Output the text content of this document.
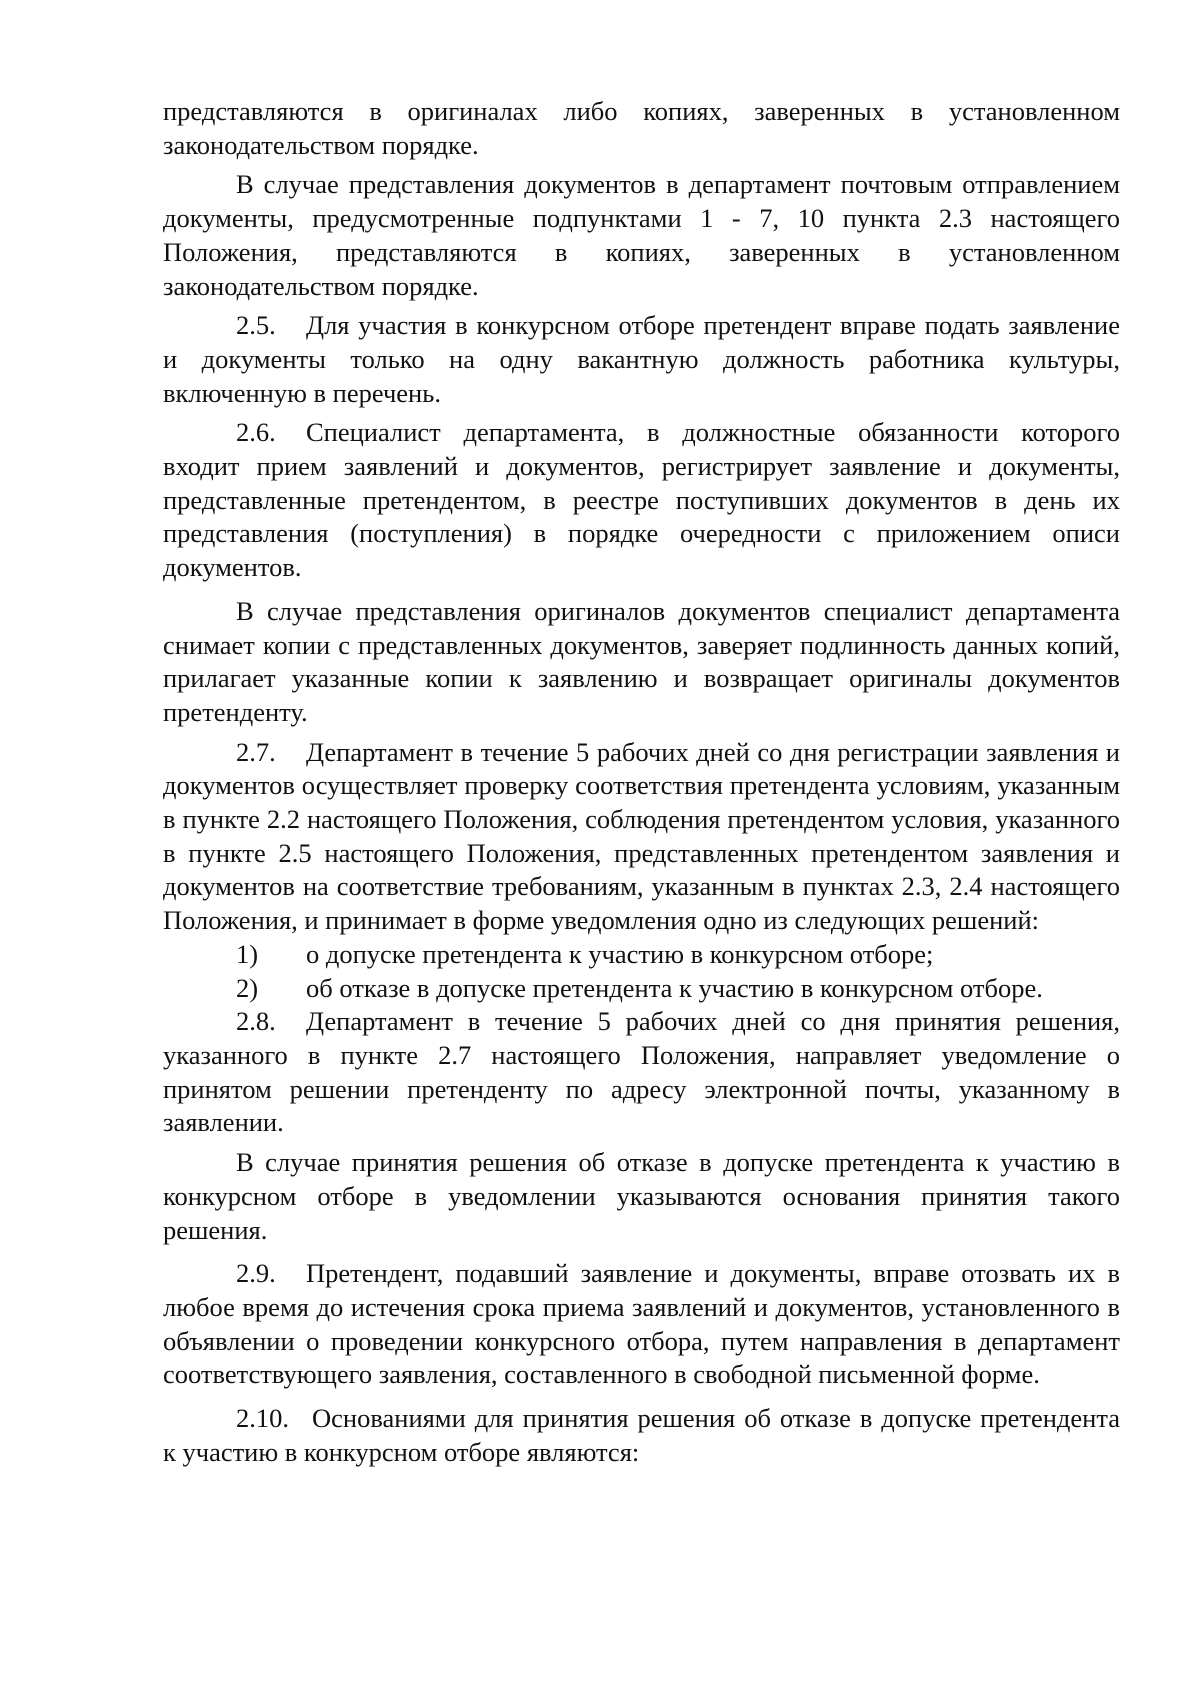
представляются в оригиналах либо копиях, заверенных в установленном законодательством порядке.

В случае представления документов в департамент почтовым отправлением документы, предусмотренные подпунктами 1 - 7, 10 пункта 2.3 настоящего Положения, представляются в копиях, заверенных в установленном законодательством порядке.

2.5. Для участия в конкурсном отборе претендент вправе подать заявление и документы только на одну вакантную должность работника культуры, включенную в перечень.

2.6. Специалист департамента, в должностные обязанности которого входит прием заявлений и документов, регистрирует заявление и документы, представленные претендентом, в реестре поступивших документов в день их представления (поступления) в порядке очередности с приложением описи документов.

В случае представления оригиналов документов специалист департамента снимает копии с представленных документов, заверяет подлинность данных копий, прилагает указанные копии к заявлению и возвращает оригиналы документов претенденту.

2.7. Департамент в течение 5 рабочих дней со дня регистрации заявления и документов осуществляет проверку соответствия претендента условиям, указанным в пункте 2.2 настоящего Положения, соблюдения претендентом условия, указанного в пункте 2.5 настоящего Положения, представленных претендентом заявления и документов на соответствие требованиям, указанным в пунктах 2.3, 2.4 настоящего Положения, и принимает в форме уведомления одно из следующих решений:

1) о допуске претендента к участию в конкурсном отборе;

2) об отказе в допуске претендента к участию в конкурсном отборе.

2.8. Департамент в течение 5 рабочих дней со дня принятия решения, указанного в пункте 2.7 настоящего Положения, направляет уведомление о принятом решении претенденту по адресу электронной почты, указанному в заявлении.

В случае принятия решения об отказе в допуске претендента к участию в конкурсном отборе в уведомлении указываются основания принятия такого решения.

2.9. Претендент, подавший заявление и документы, вправе отозвать их в любое время до истечения срока приема заявлений и документов, установленного в объявлении о проведении конкурсного отбора, путем направления в департамент соответствующего заявления, составленного в свободной письменной форме.

2.10. Основаниями для принятия решения об отказе в допуске претендента к участию в конкурсном отборе являются:
